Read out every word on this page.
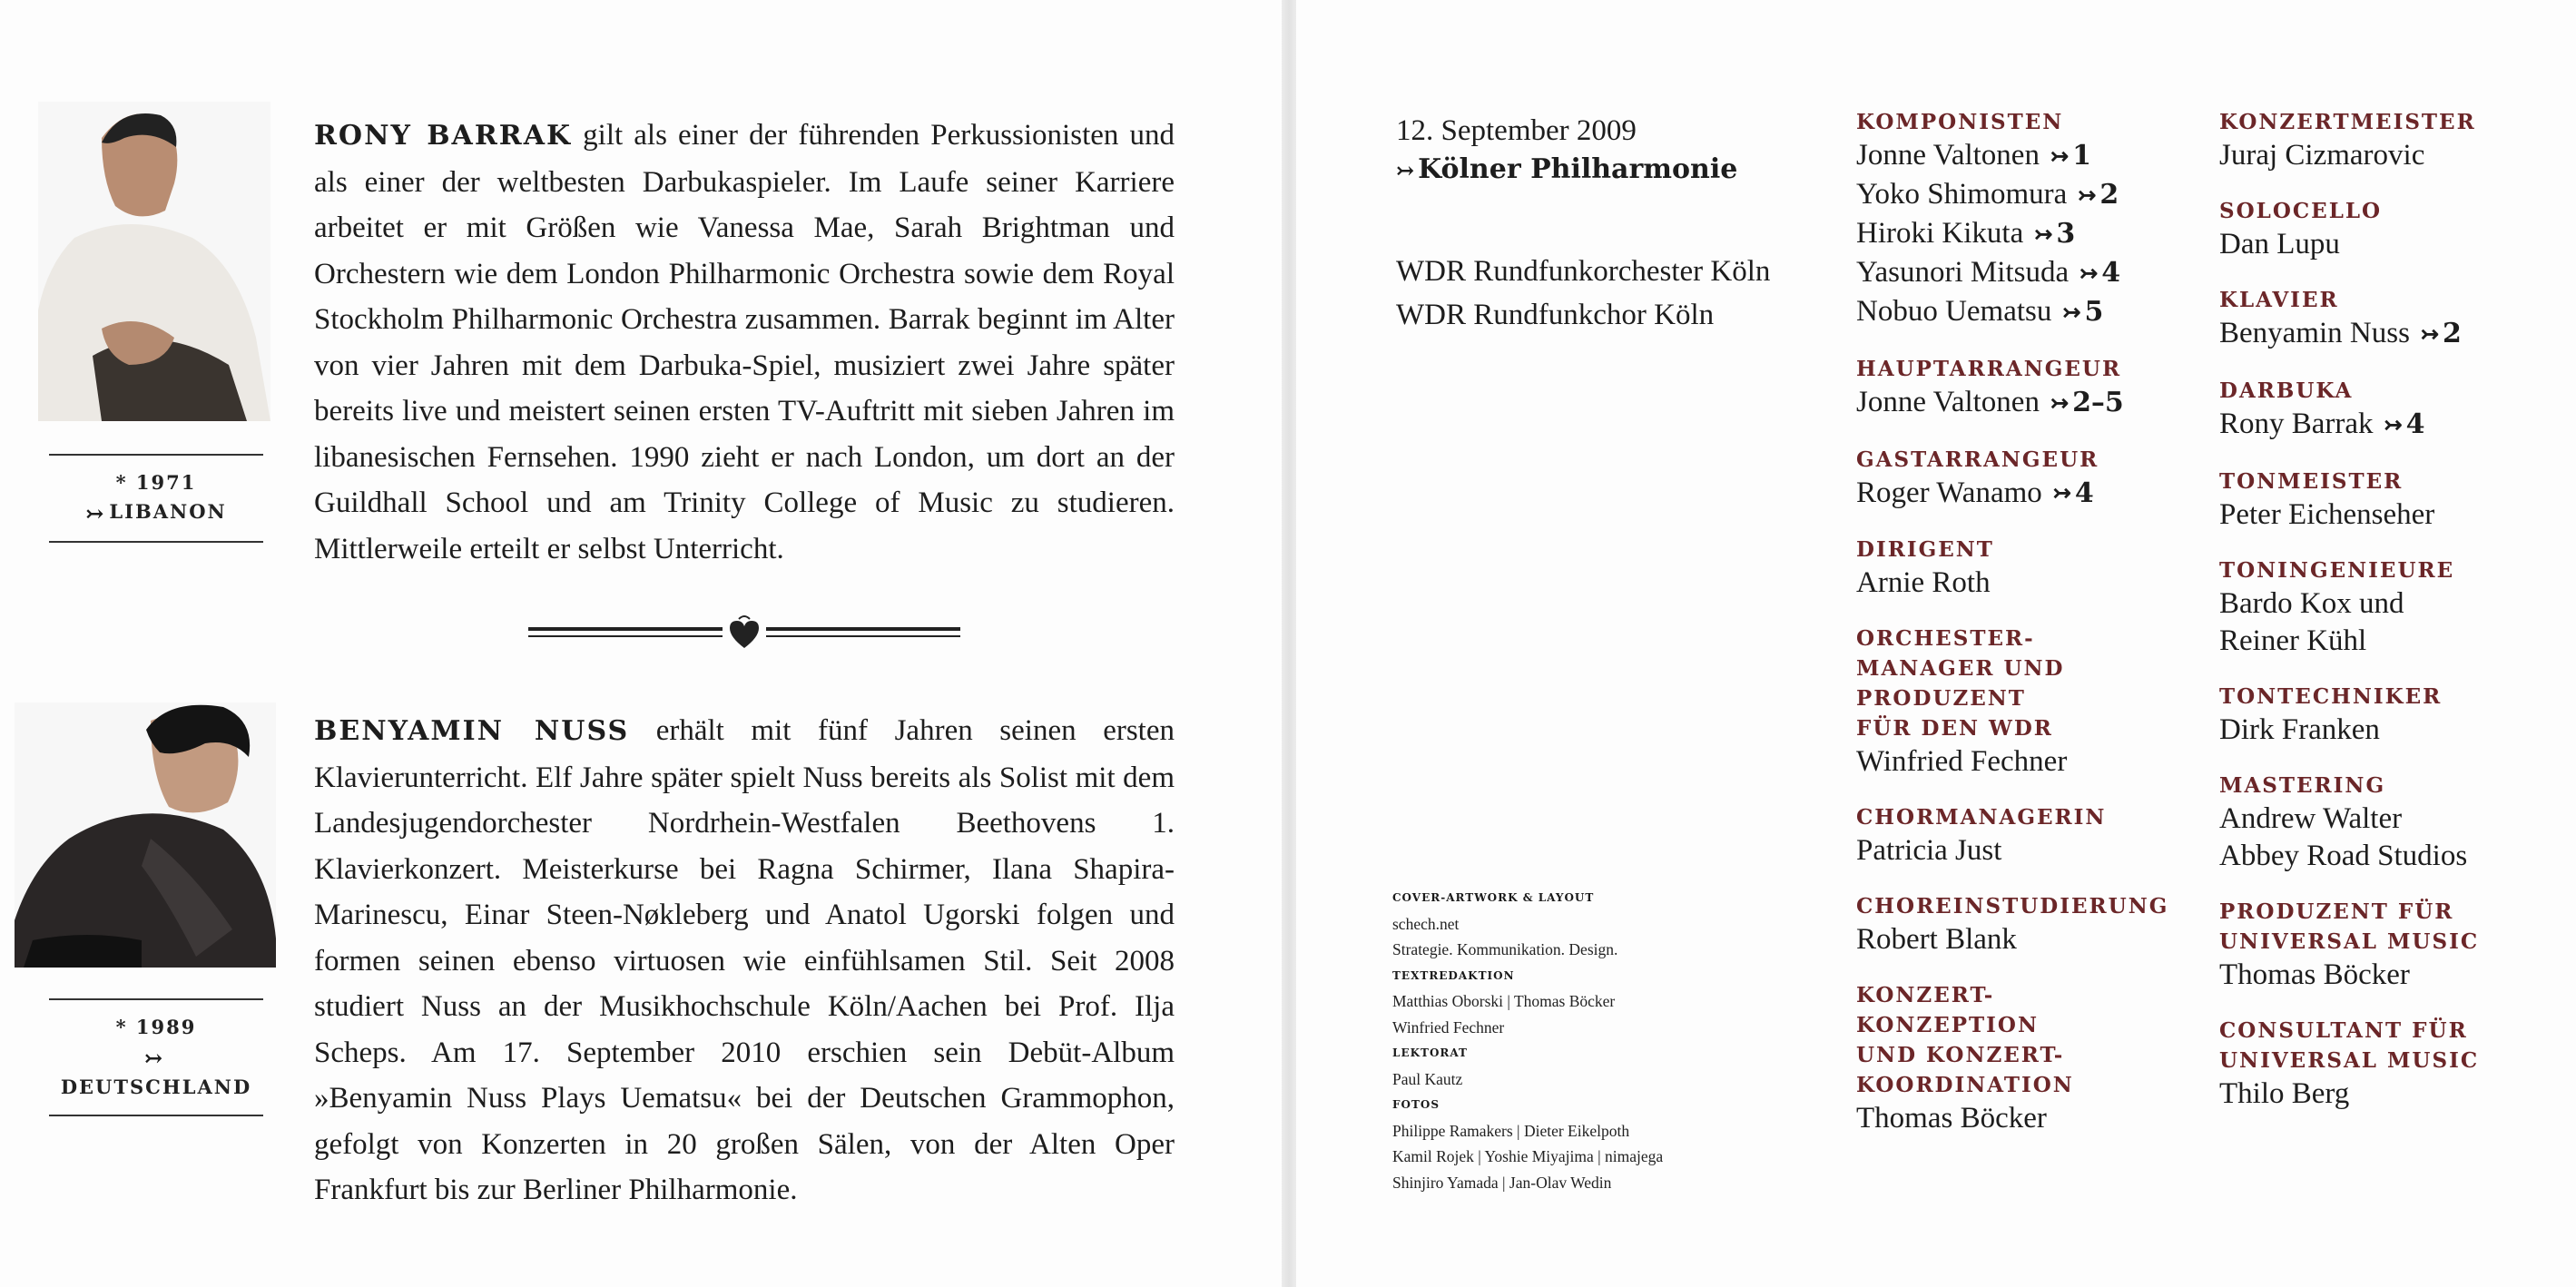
* 1971
↣ LIBANON
RONY BARRAK gilt als einer der führenden Perkussionisten und als einer der weltbesten Darbukaspieler. Im Laufe seiner Karriere arbeitet er mit Größen wie Vanessa Mae, Sarah Brightman und Orchestern wie dem London Philharmonic Orchestra sowie dem Royal Stockholm Philharmonic Orchestra zusammen. Barrak beginnt im Alter von vier Jahren mit dem Darbuka-Spiel, musiziert zwei Jahre später bereits live und meistert seinen ersten TV-Auftritt mit sieben Jahren im libanesischen Fernsehen. 1990 zieht er nach London, um dort an der Guildhall School und am Trinity College of Music zu studieren. Mittlerweile erteilt er selbst Unterricht.
* 1989
↣DEUTSCHLAND
BENYAMIN NUSS erhält mit fünf Jahren seinen ersten Klavierunterricht. Elf Jahre später spielt Nuss bereits als Solist mit dem Landesjugendorchester Nordrhein-Westfalen Beethovens 1. Klavierkonzert. Meisterkurse bei Ragna Schirmer, Ilana Shapira-Marinescu, Einar Steen-Nøkleberg und Anatol Ugorski folgen und formen seinen ebenso virtuosen wie einfühlsamen Stil. Seit 2008 studiert Nuss an der Musikhochschule Köln/Aachen bei Prof. Ilja Scheps. Am 17. September 2010 erschien sein Debüt-Album »Benyamin Nuss Plays Uematsu« bei der Deutschen Grammophon, gefolgt von Konzerten in 20 großen Sälen, von der Alten Oper Frankfurt bis zur Berliner Philharmonie.
12. September 2009
↣ Kölner Philharmonie
WDR Rundfunkorchester Köln
WDR Rundfunkchor Köln
COVER-ARTWORK & LAYOUT
schech.net
Strategie. Kommunikation. Design.
TEXTREDAKTION
Matthias Oborski | Thomas Böcker
Winfried Fechner
LEKTORAT
Paul Kautz
FOTOS
Philippe Ramakers | Dieter Eikelpoth
Kamil Rojek | Yoshie Miyajima | nimajega
Shinjiro Yamada | Jan-Olav Wedin
KOMPONISTEN
Jonne Valtonen ↣ 1
Yoko Shimomura ↣ 2
Hiroki Kikuta ↣ 3
Yasunori Mitsuda ↣ 4
Nobuo Uematsu ↣ 5
HAUPTARRANGEUR
Jonne Valtonen ↣ 2–5
GASTARRANGEUR
Roger Wanamo ↣ 4
DIRIGENT
Arnie Roth
ORCHESTER-
MANAGER UND
PRODUZENT
FÜR DEN WDR
Winfried Fechner
CHORMANAGERIN
Patricia Just
CHOREINSTUDIERUNG
Robert Blank
KONZERT-
KONZEPTION
UND KONZERT-
KOORDINATION
Thomas Böcker
KONZERTMEISTER
Juraj Cizmarovic
SOLOCELLO
Dan Lupu
KLAVIER
Benyamin Nuss ↣ 2
DARBUKA
Rony Barrak ↣ 4
TONMEISTER
Peter Eichenseher
TONINGENIEURE
Bardo Kox und
Reiner Kühl
TONTECHNIKER
Dirk Franken
MASTERING
Andrew Walter
Abbey Road Studios
PRODUZENT FÜR
UNIVERSAL MUSIC
Thomas Böcker
CONSULTANT FÜR
UNIVERSAL MUSIC
Thilo Berg
